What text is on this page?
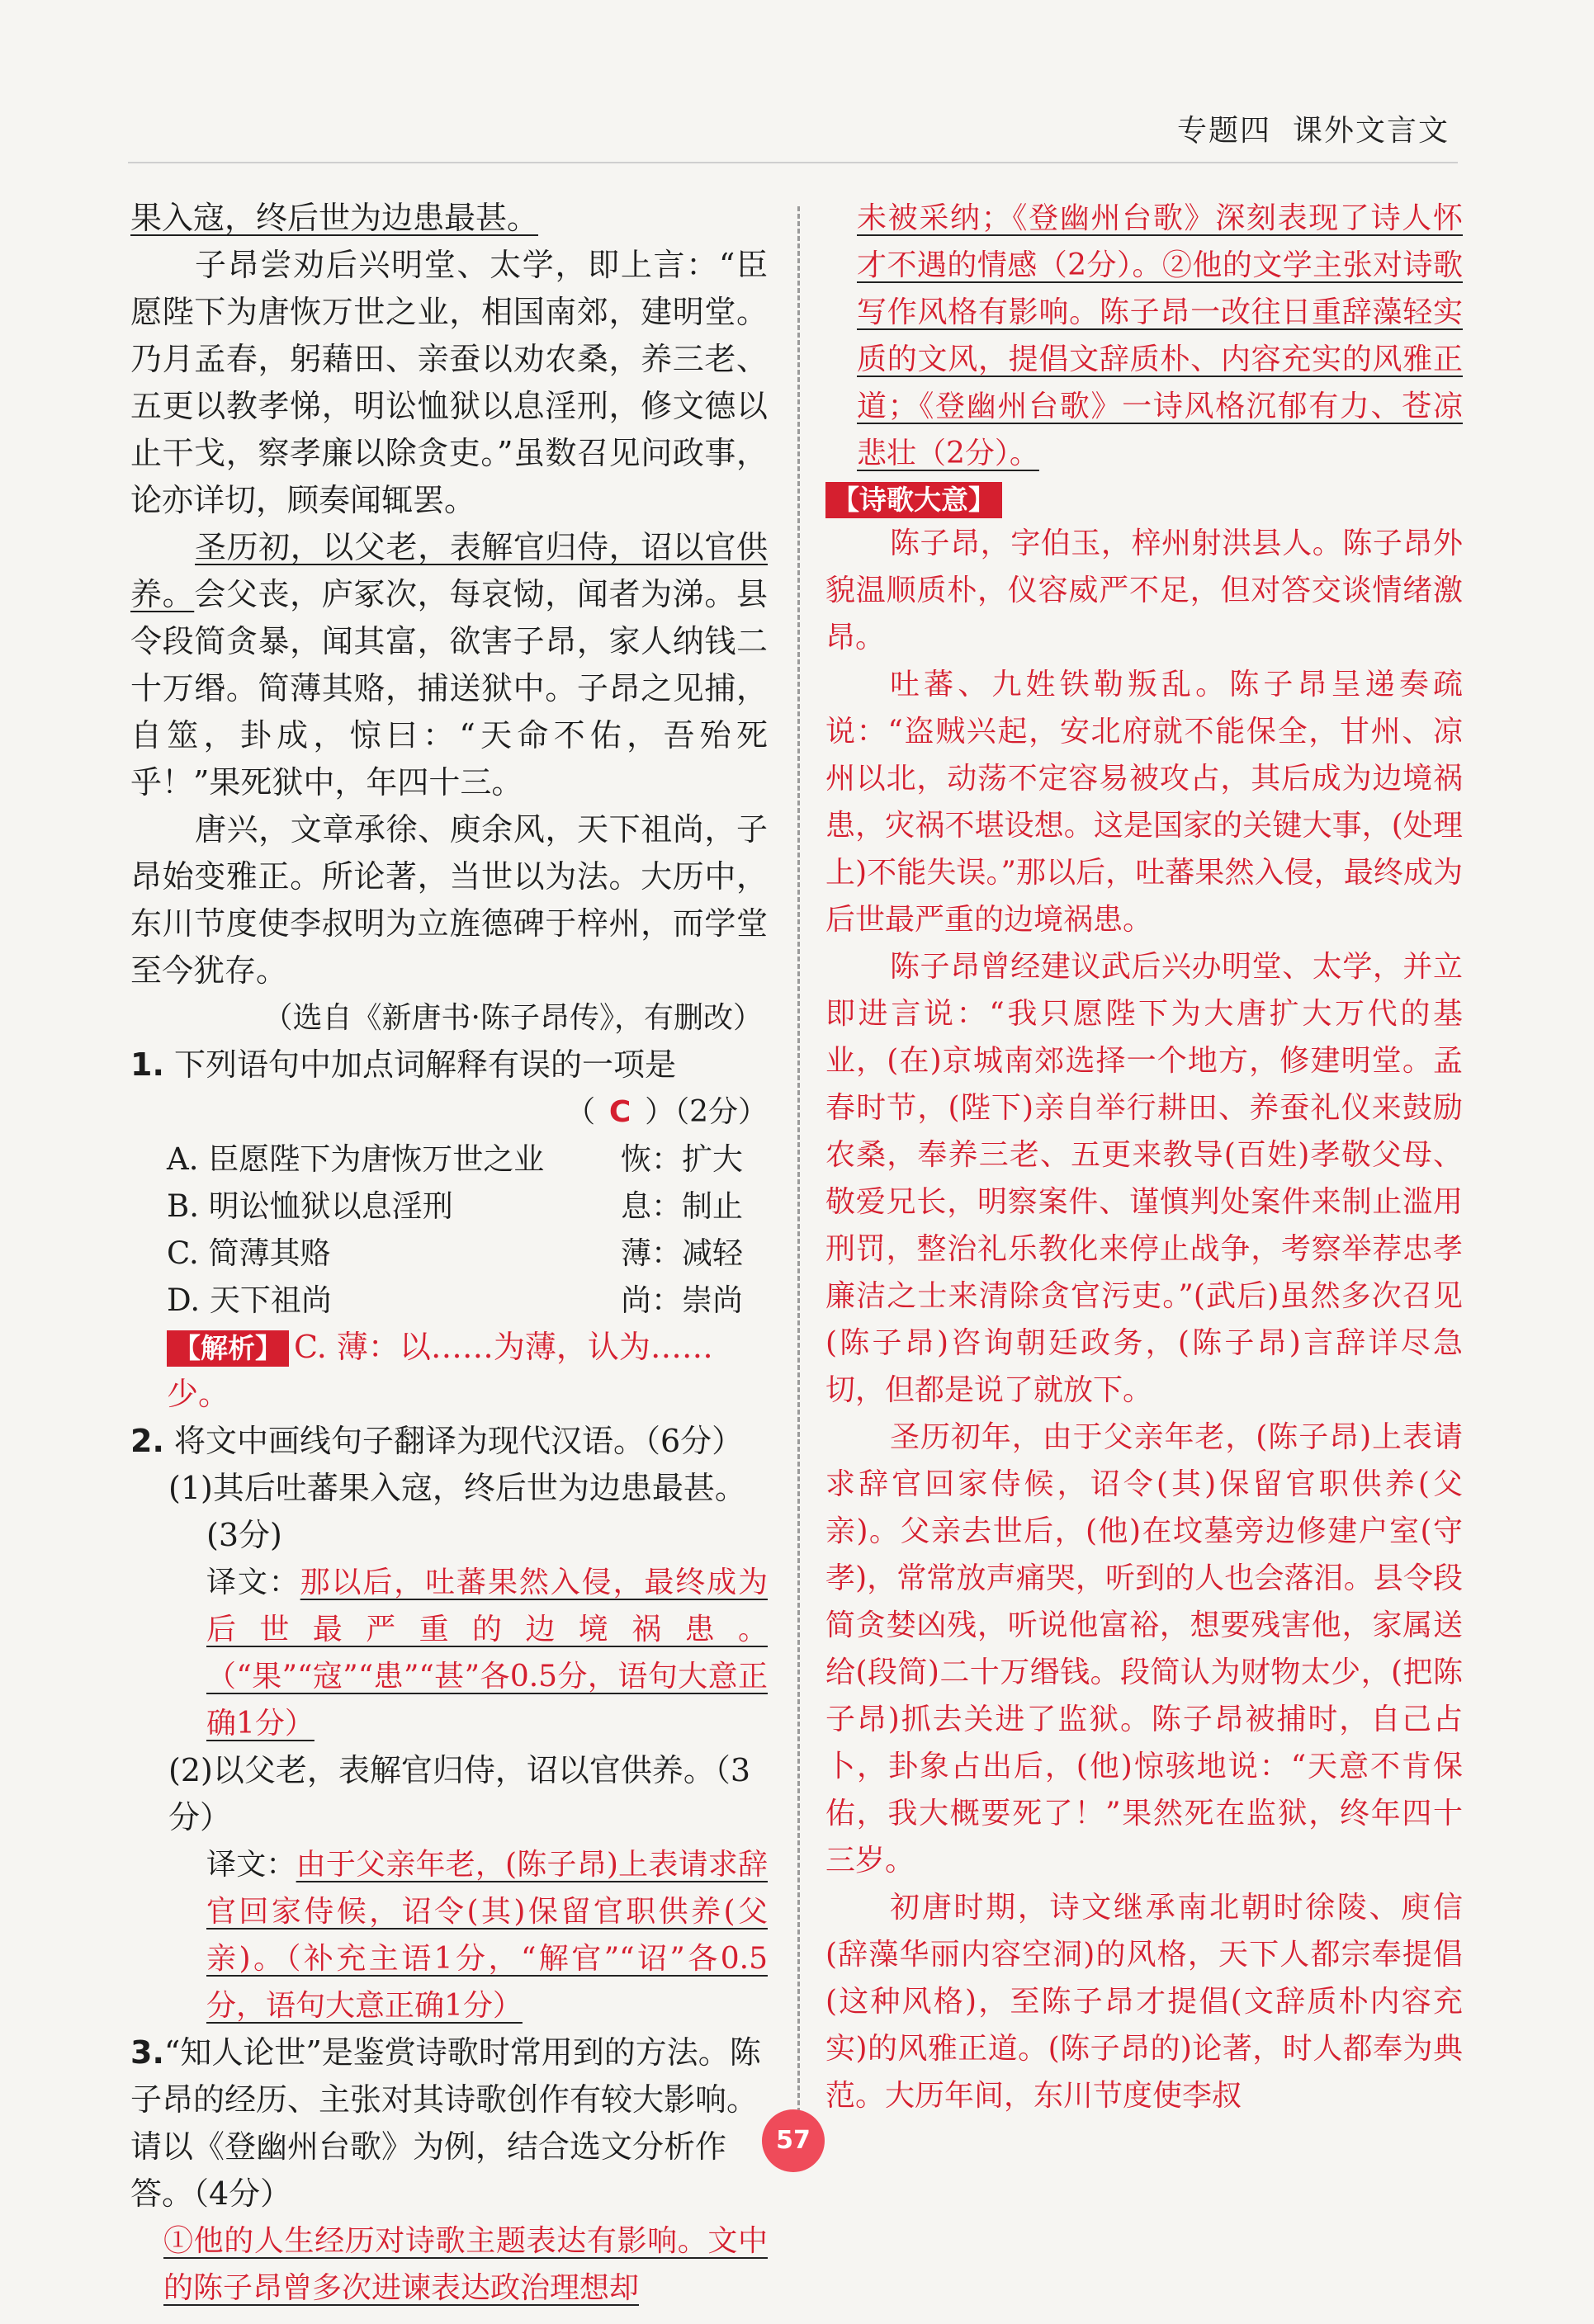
专题四 课外文言文

果入寇，终后世为边患最甚。

子昂尝劝后兴明堂、太学，即上言：“臣愿陛下为唐恢万世之业，相国南郊，建明堂。乃月孟春，躬藉田、亲蚕以劝农桑，养三老、五更以教孝悌，明讼恤狱以息淫刑，修文德以止干戈，察孝廉以除贪吏。”虽数召见问政事，论亦详切，顾奏闻辄罢。

圣历初，以父老，表解官归侍，诏以官供养。会父丧，庐冢次，每哀恸，闻者为涕。县令段简贪暴，闻其富，欲害子昂，家人纳钱二十万缗。简薄其赂，捕送狱中。子昂之见捕，自筮，卦成，惊曰：“天命不佑，吾殆死乎！”果死狱中，年四十三。

唐兴，文章承徐、庾余风，天下祖尚，子昂始变雅正。所论著，当世以为法。大历中，东川节度使李叔明为立旌德碑于梓州，而学堂至今犹存。

（选自《新唐书·陈子昂传》，有删改）

1. 下列语句中加点词解释有误的一项是

（ C ）（2分）

A. 臣愿陛下为唐恢万世之业	恢：扩大
B. 明讼恤狱以息淫刑	息：制止
C. 简薄其赂	薄：减轻
D. 天下祖尚	尚：崇尚

【解析】 C. 薄：以……为薄，认为……少。

2. 将文中画线句子翻译为现代汉语。（6分）

(1)其后吐蕃果入寇，终后世为边患最甚。

(3分)

译文：那以后，吐蕃果然入侵，最终成为后世最严重的边境祸患。（“果”“寇”“患”“甚”各0.5分，语句大意正确1分）

(2)以父老，表解官归侍，诏以官供养。（3分）

译文：由于父亲年老，(陈子昂)上表请求辞官回家侍候，诏令(其)保留官职供养(父亲)。（补充主语1分，“解官”“诏”各0.5分，语句大意正确1分）

3.“知人论世”是鉴赏诗歌时常用到的方法。陈子昂的经历、主张对其诗歌创作有较大影响。请以《登幽州台歌》为例，结合选文分析作答。（4分）

①他的人生经历对诗歌主题表达有影响。文中的陈子昂曾多次进谏表达政治理想却

未被采纳；《登幽州台歌》深刻表现了诗人怀才不遇的情感（2分）。②他的文学主张对诗歌写作风格有影响。陈子昂一改往日重辞藻轻实质的文风，提倡文辞质朴、内容充实的风雅正道；《登幽州台歌》一诗风格沉郁有力、苍凉悲壮（2分）。

【诗歌大意】

陈子昂，字伯玉，梓州射洪县人。陈子昂外貌温顺质朴，仪容威严不足，但对答交谈情绪激昂。

吐蕃、九姓铁勒叛乱。陈子昂呈递奏疏说：“盗贼兴起，安北府就不能保全，甘州、凉州以北，动荡不定容易被攻占，其后成为边境祸患，灾祸不堪设想。这是国家的关键大事，(处理上)不能失误。”那以后，吐蕃果然入侵，最终成为后世最严重的边境祸患。

陈子昂曾经建议武后兴办明堂、太学，并立即进言说：“我只愿陛下为大唐扩大万代的基业，(在)京城南郊选择一个地方，修建明堂。孟春时节，(陛下)亲自举行耕田、养蚕礼仪来鼓励农桑，奉养三老、五更来教导(百姓)孝敬父母、敬爱兄长，明察案件、谨慎判处案件来制止滥用刑罚，整治礼乐教化来停止战争，考察举荐忠孝廉洁之士来清除贪官污吏。”(武后)虽然多次召见(陈子昂)咨询朝廷政务，(陈子昂)言辞详尽急切，但都是说了就放下。

圣历初年，由于父亲年老，(陈子昂)上表请求辞官回家侍候，诏令(其)保留官职供养(父亲)。父亲去世后，(他)在坟墓旁边修建户室(守孝)，常常放声痛哭，听到的人也会落泪。县令段简贪婪凶残，听说他富裕，想要残害他，家属送给(段简)二十万缗钱。段简认为财物太少，(把陈子昂)抓去关进了监狱。陈子昂被捕时，自己占卜，卦象占出后，(他)惊骇地说：“天意不肯保佑，我大概要死了！”果然死在监狱，终年四十三岁。

初唐时期，诗文继承南北朝时徐陵、庾信(辞藻华丽内容空洞)的风格，天下人都宗奉提倡(这种风格)，至陈子昂才提倡(文辞质朴内容充实)的风雅正道。(陈子昂的)论著，时人都奉为典范。大历年间，东川节度使李叔

57
